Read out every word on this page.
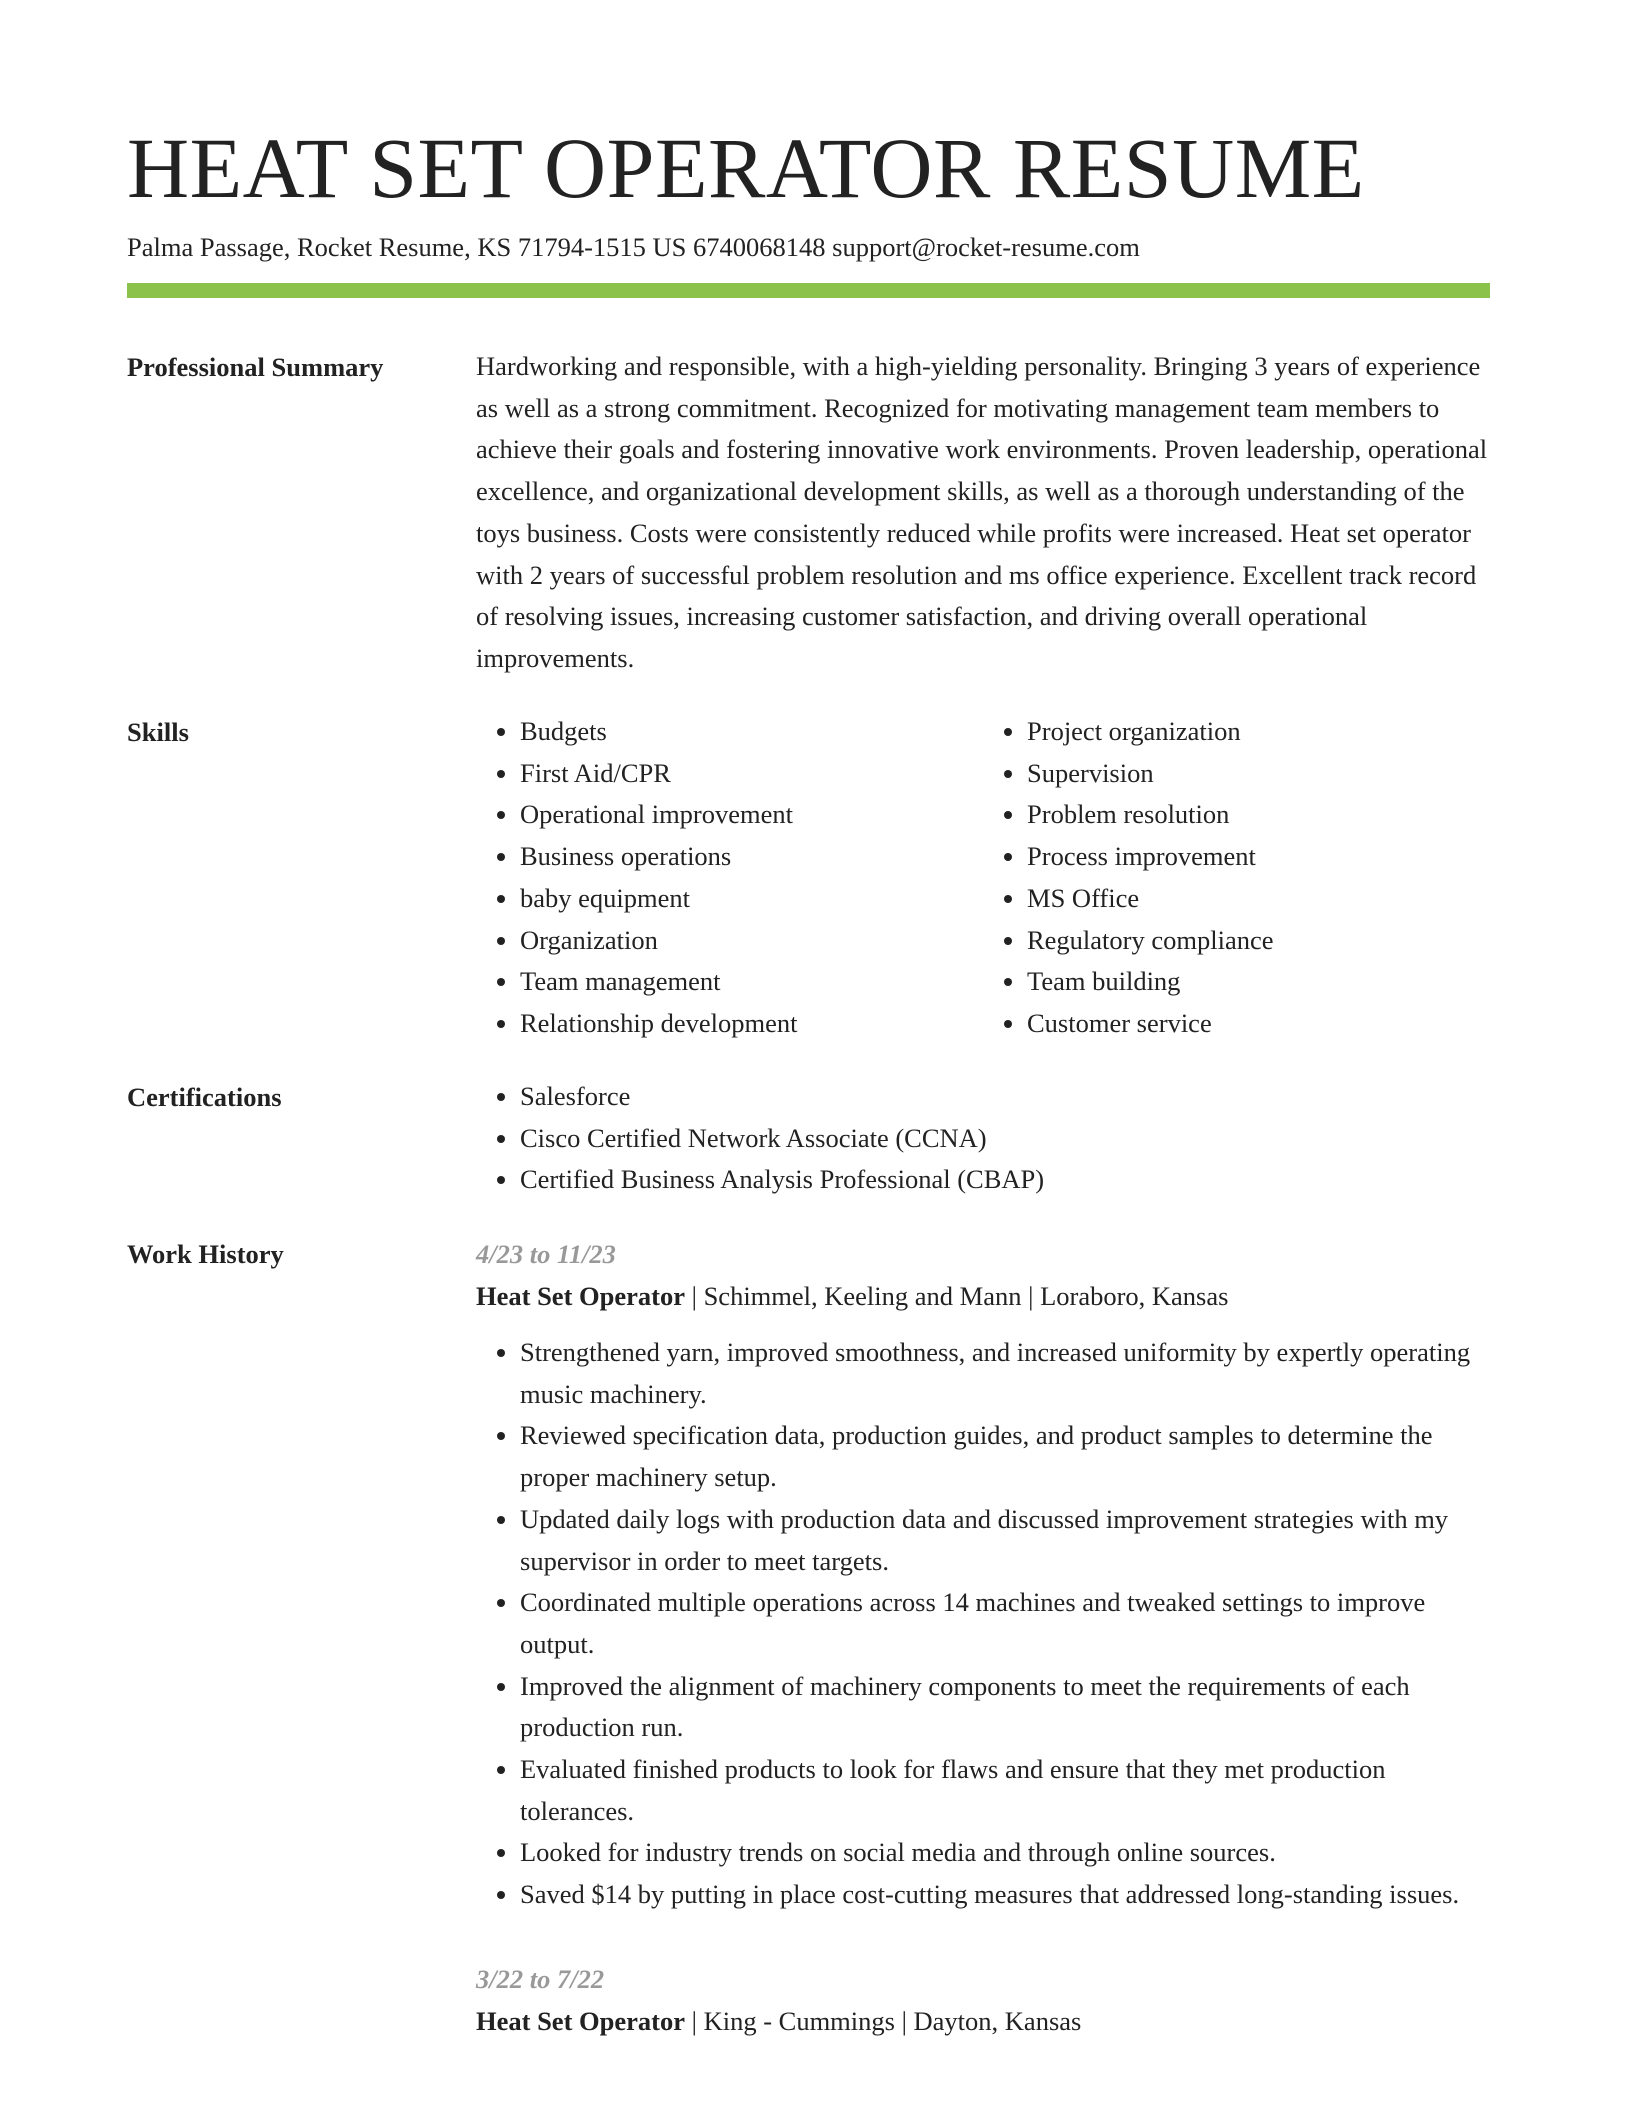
HEAT SET OPERATOR RESUME
Palma Passage, Rocket Resume, KS 71794-1515 US 6740068148 support@rocket-resume.com
Professional Summary	Hardworking and responsible, with a high-yielding personality. Bringing 3 years of experience as well as a strong commitment. Recognized for motivating management team members to achieve their goals and fostering innovative work environments. Proven leadership, operational excellence, and organizational development skills, as well as a thorough understanding of the toys business. Costs were consistently reduced while profits were increased. Heat set operator with 2 years of successful problem resolution and ms office experience. Excellent track record of resolving issues, increasing customer satisfaction, and driving overall operational improvements.

Skills	• Budgets
• First Aid/CPR
• Operational improvement
• Business operations
• baby equipment
• Organization
• Team management
• Relationship development
• Project organization
• Supervision
• Problem resolution
• Process improvement
• MS Office
• Regulatory compliance
• Team building
• Customer service
Certifications	• Salesforce
• Cisco Certified Network Associate (CCNA)
• Certified Business Analysis Professional (CBAP)
Work History	4/23 to 11/23
Heat Set Operator | Schimmel, Keeling and Mann | Loraboro, Kansas
• Strengthened yarn, improved smoothness, and increased uniformity by expertly operating music machinery.
• Reviewed specification data, production guides, and product samples to determine the proper machinery setup.
• Updated daily logs with production data and discussed improvement strategies with my supervisor in order to meet targets.
• Coordinated multiple operations across 14 machines and tweaked settings to improve output.
• Improved the alignment of machinery components to meet the requirements of each production run.
• Evaluated finished products to look for flaws and ensure that they met production tolerances.
• Looked for industry trends on social media and through online sources.
• Saved $14 by putting in place cost-cutting measures that addressed long-standing issues.
3/22 to 7/22
Heat Set Operator | King - Cummings | Dayton, Kansas
